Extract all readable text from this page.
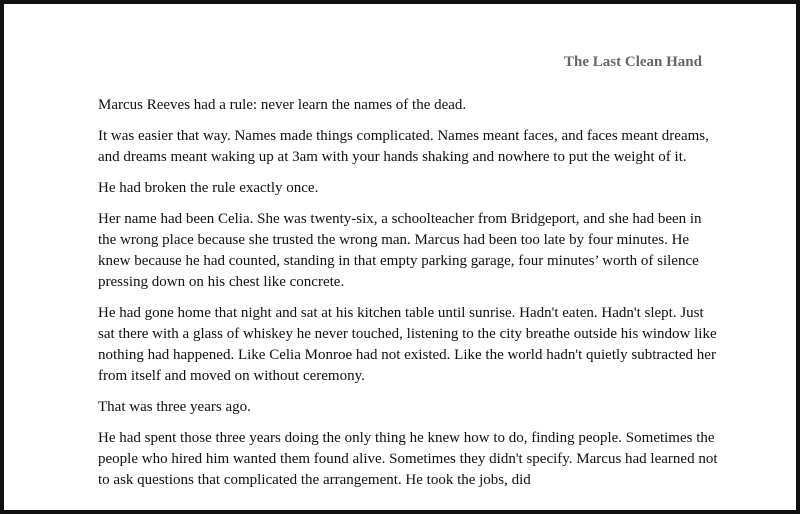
The Last Clean Hand

Marcus Reeves had a rule: never learn the names of the dead.

It was easier that way. Names made things complicated. Names meant faces, and faces meant dreams, and dreams meant waking up at 3am with your hands shaking and nowhere to put the weight of it.

He had broken the rule exactly once.

Her name had been Celia. She was twenty-six, a schoolteacher from Bridgeport, and she had been in the wrong place because she trusted the wrong man. Marcus had been too late by four minutes. He knew because he had counted, standing in that empty parking garage, four minutes’ worth of silence pressing down on his chest like concrete.

He had gone home that night and sat at his kitchen table until sunrise. Hadn't eaten. Hadn't slept. Just sat there with a glass of whiskey he never touched, listening to the city breathe outside his window like nothing had happened. Like Celia Monroe had not existed. Like the world hadn't quietly subtracted her from itself and moved on without ceremony.

That was three years ago.

He had spent those three years doing the only thing he knew how to do, finding people. Sometimes the people who hired him wanted them found alive. Sometimes they didn't specify. Marcus had learned not to ask questions that complicated the arrangement. He took the jobs, did
